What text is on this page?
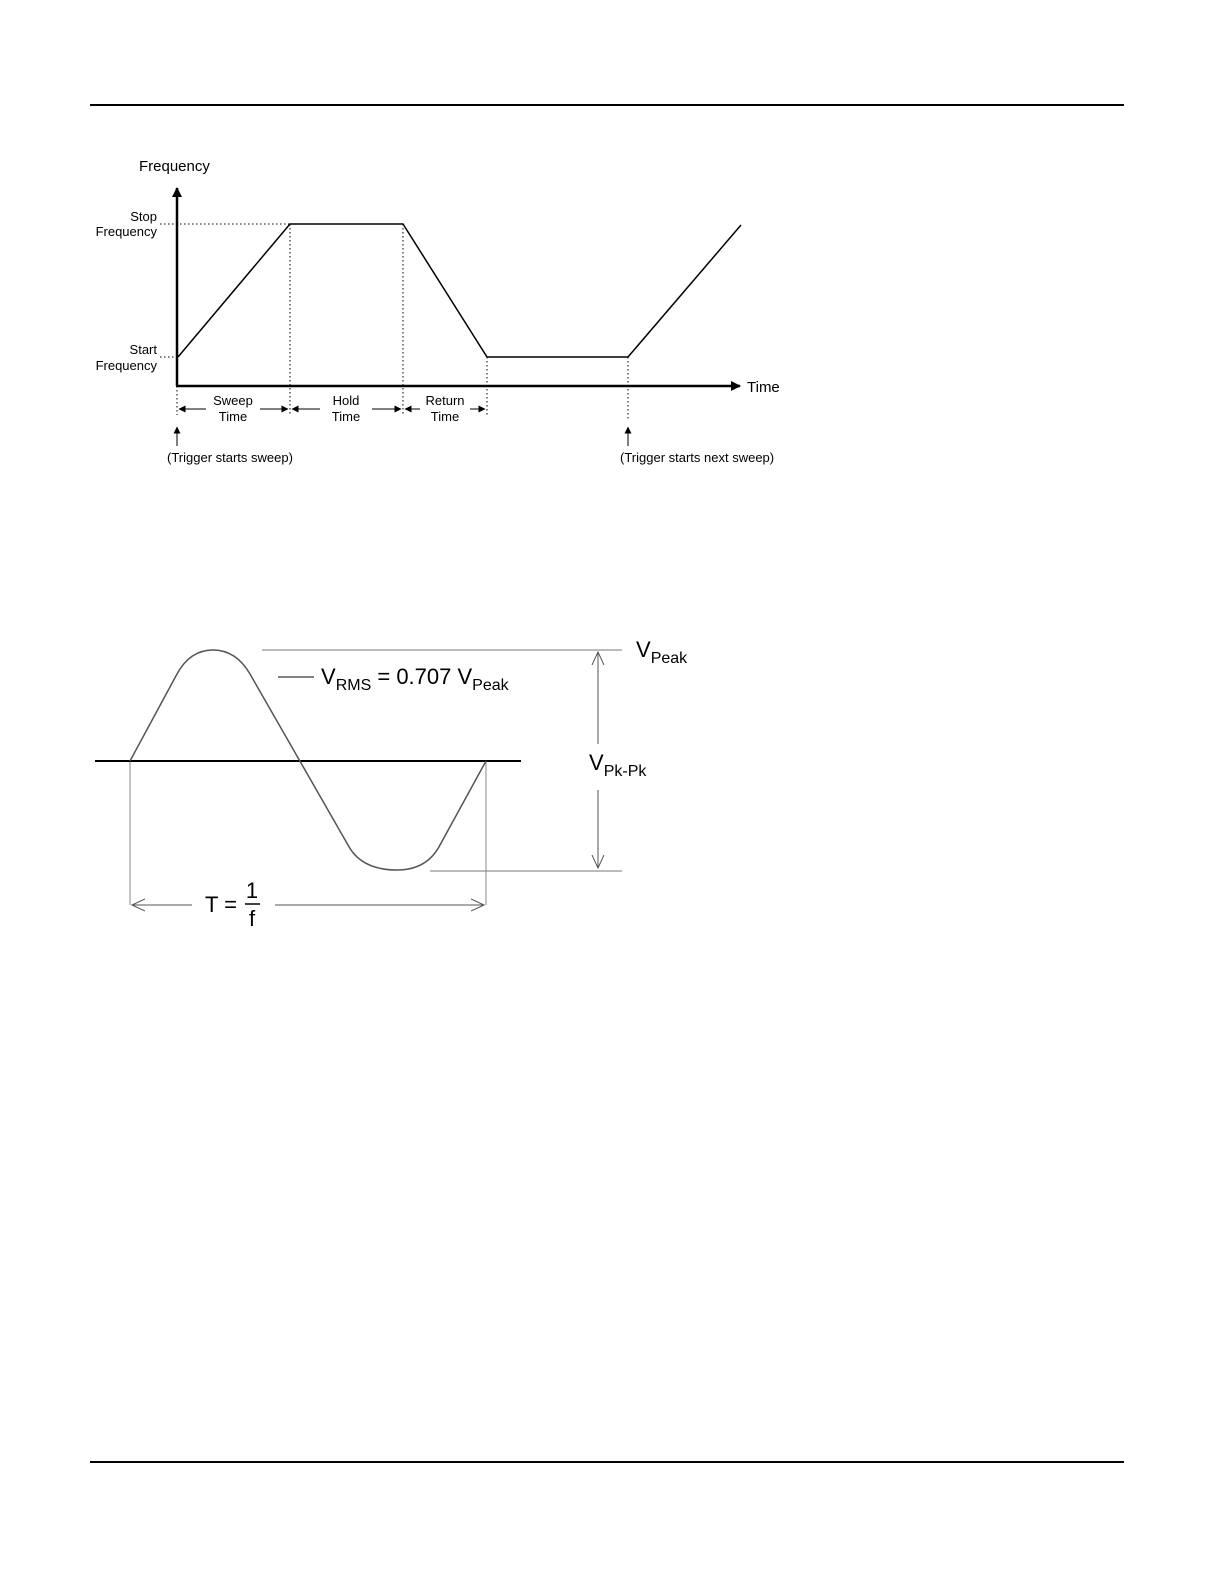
Frequency
Time
Stop
Frequency
Start
Frequency
Sweep
Time
Hold
Time
Return
Time
(Trigger starts sweep)	(Trigger starts next sweep)
$V_{Peak}$
$V_{RMS} = 0.707$ $V_{Peak}$
$V_{Pk-Pk}$
T =
1
f
